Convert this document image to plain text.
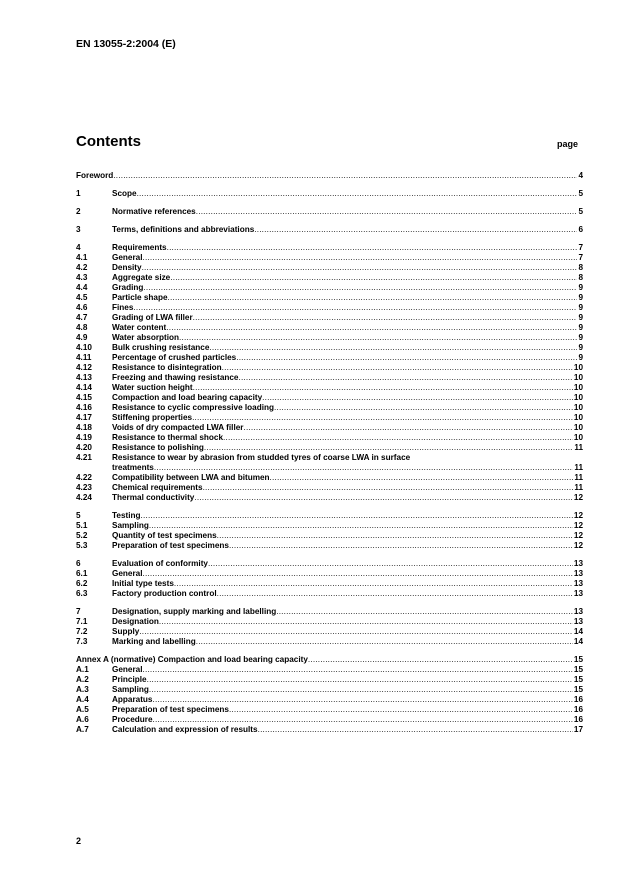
EN 13055-2:2004 (E)
Contents	page
Foreword .....	4
1	Scope .....	5
2	Normative references .....	5
3	Terms, definitions and abbreviations .....	6
4	Requirements .....	7
4.1	General .....	7
4.2	Density .....	8
4.3	Aggregate size .....	8
4.4	Grading .....	9
4.5	Particle shape .....	9
4.6	Fines .....	9
4.7	Grading of LWA filler .....	9
4.8	Water content .....	9
4.9	Water absorption .....	9
4.10	Bulk crushing resistance .....	9
4.11	Percentage of crushed particles .....	9
4.12	Resistance to disintegration .....	10
4.13	Freezing and thawing resistance .....	10
4.14	Water suction height .....	10
4.15	Compaction and load bearing capacity .....	10
4.16	Resistance to cyclic compressive loading .....	10
4.17	Stiffening properties .....	10
4.18	Voids of dry compacted LWA filler .....	10
4.19	Resistance to thermal shock .....	10
4.20	Resistance to polishing .....	11
4.21	Resistance to wear by abrasion from studded tyres of coarse LWA in surface
treatments .....	11
4.22	Compatibility between LWA and bitumen .....	11
4.23	Chemical requirements .....	11
4.24	Thermal conductivity .....	12
5	Testing .....	12
5.1	Sampling .....	12
5.2	Quantity of test specimens .....	12
5.3	Preparation of test specimens .....	12
6	Evaluation of conformity .....	13
6.1	General .....	13
6.2	Initial type tests .....	13
6.3	Factory production control .....	13
7	Designation, supply marking and labelling .....	13
7.1	Designation .....	13
7.2	Supply .....	14
7.3	Marking and labelling .....	14
Annex A (normative) Compaction and load bearing capacity .....	15
A.1	General .....	15
A.2	Principle .....	15
A.3	Sampling .....	15
A.4	Apparatus .....	16
A.5	Preparation of test specimens .....	16
A.6	Procedure .....	16
A.7	Calculation and expression of results .....	17
2
